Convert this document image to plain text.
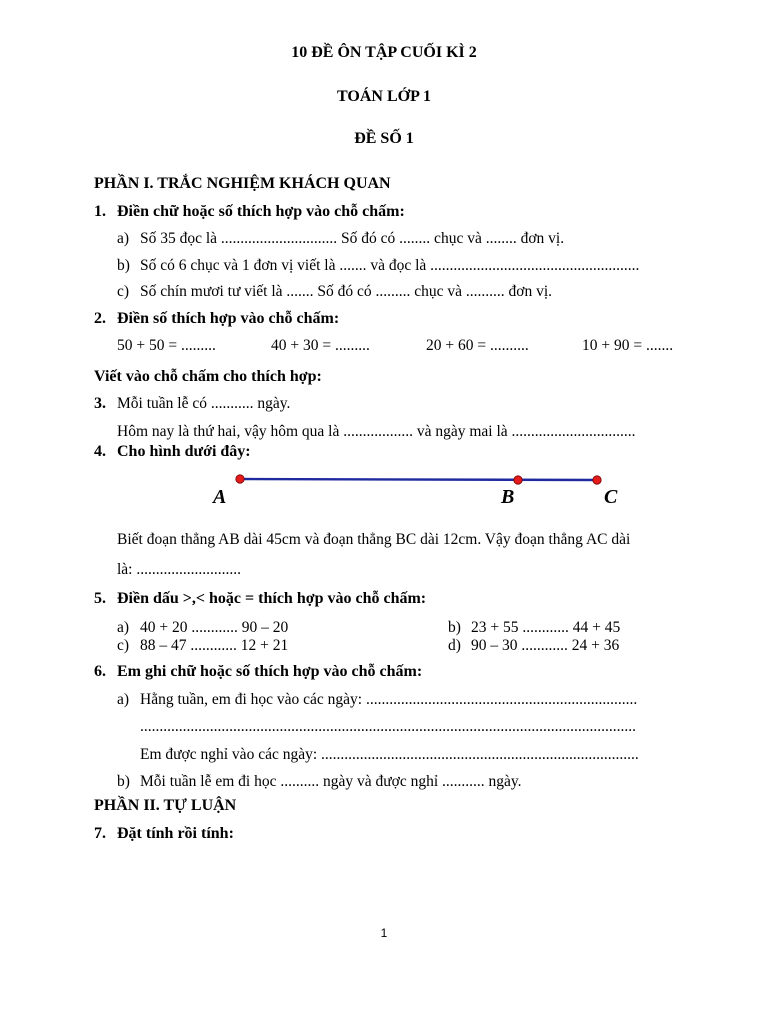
10 ĐỀ ÔN TẬP CUỐI KÌ 2
TOÁN LỚP 1
ĐỀ SỐ 1
PHẦN I. TRẮC NGHIỆM KHÁCH QUAN
1. Điền chữ hoặc số thích hợp vào chỗ chấm:
a) Số 35 đọc là .............................. Số đó có ........ chục và ........ đơn vị.
b) Số có 6 chục và 1 đơn vị viết là ....... và đọc là ......................................................
c) Số chín mươi tư viết là ....... Số đó có ......... chục và .......... đơn vị.
2. Điền số thích hợp vào chỗ chấm:
50 + 50 = .........	40 + 30 = .........	20 + 60 = ..........	10 + 90 = .......
Viết vào chỗ chấm cho thích hợp:
3. Mỗi tuần lễ có ........... ngày.
Hôm nay là thứ hai, vậy hôm qua là .................. và ngày mai là ................................
4. Cho hình dưới đây:
A	B	C
Biết đoạn thẳng AB dài 45cm và đoạn thẳng BC dài 12cm. Vậy đoạn thẳng AC dài
là: ...........................
5. Điền dấu >,< hoặc = thích hợp vào chỗ chấm:
a) 40 + 20 ............ 90 – 20	b) 23 + 55 ............ 44 + 45
c) 88 – 47 ............ 12 + 21	d) 90 – 30 ............ 24 + 36
6. Em ghi chữ hoặc số thích hợp vào chỗ chấm:
a) Hằng tuần, em đi học vào các ngày: ......................................................................
................................................................................................................................
Em được nghỉ vào các ngày: ..................................................................................
b) Mỗi tuần lễ em đi học .......... ngày và được nghỉ ........... ngày.
PHẦN II. TỰ LUẬN
7. Đặt tính rồi tính:
1
